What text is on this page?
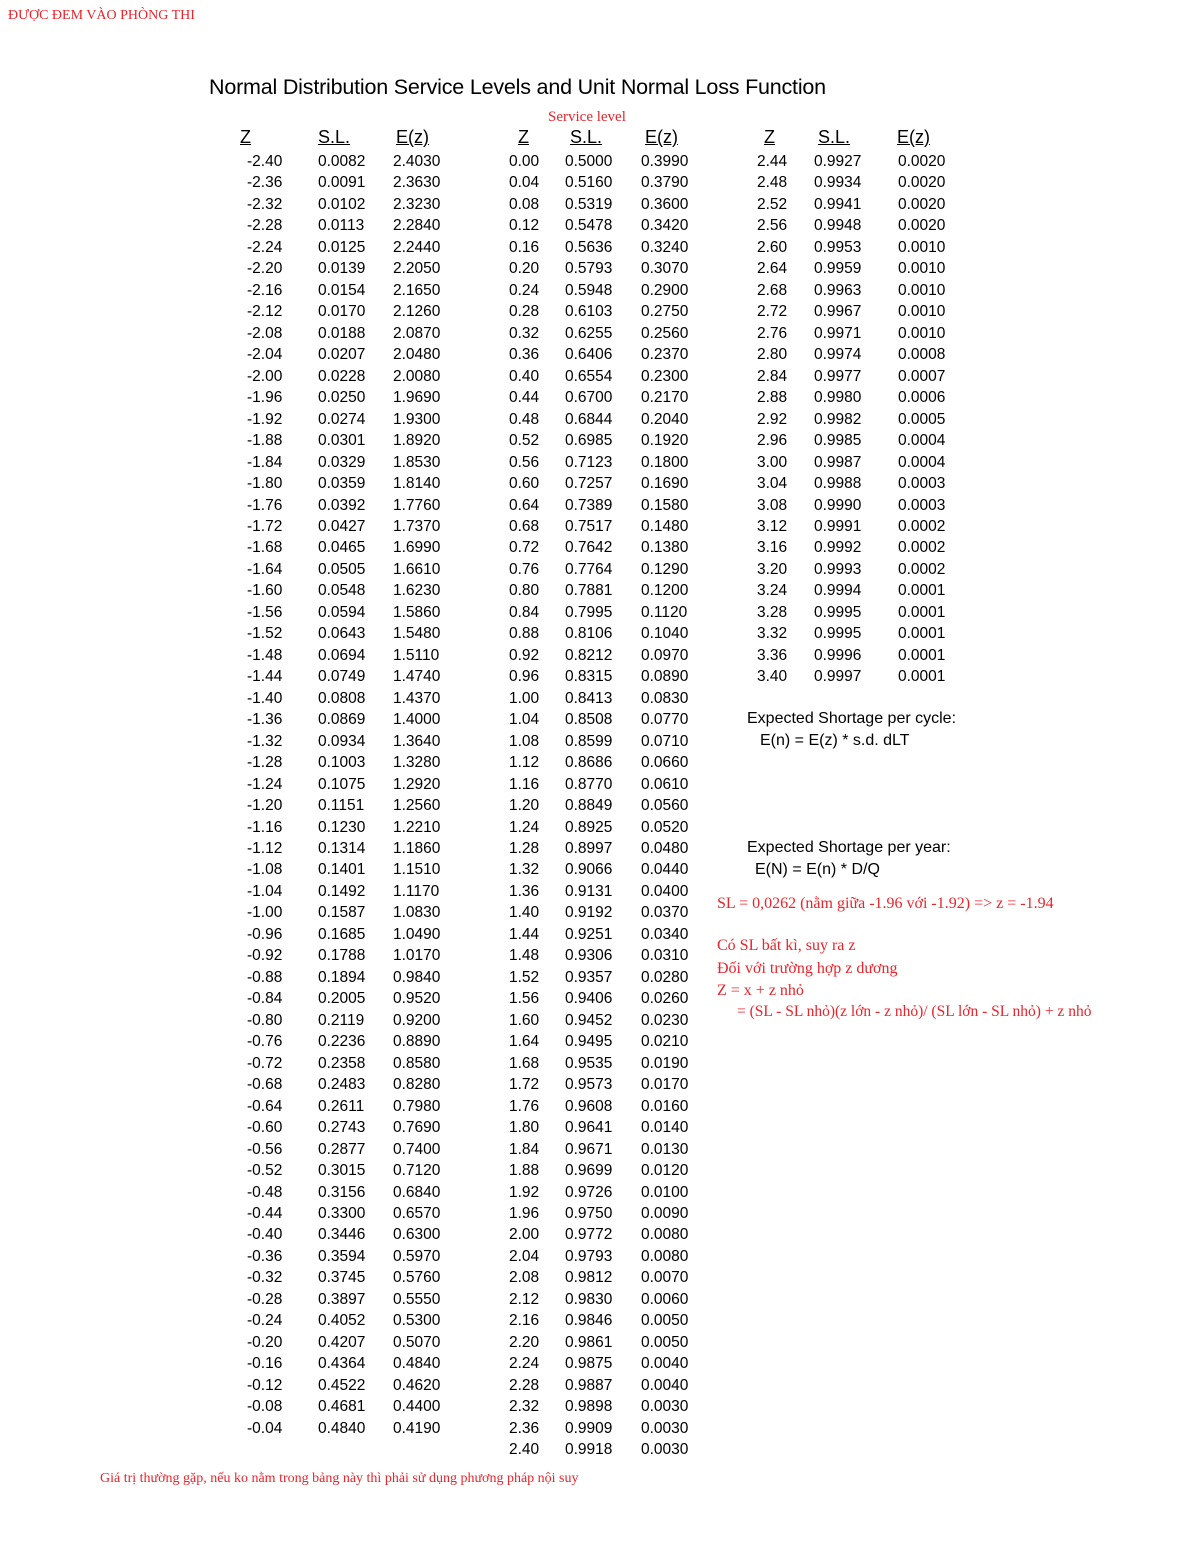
ĐƯỢC ĐEM VÀO PHÒNG THI
Normal Distribution Service Levels and Unit Normal Loss Function
Service level
Z	S.L.	E(z)	Z S.L. E(z)	Z S.L.	E(z)
-2.40 0.0082 2.4030
-2.36 0.0091 2.3630
-2.32 0.0102 2.3230
-2.28 0.0113 2.2840
-2.24 0.0125 2.2440
-2.20 0.0139 2.2050
-2.16 0.0154 2.1650
-2.12 0.0170 2.1260
-2.08 0.0188 2.0870
-2.04 0.0207 2.0480
-2.00 0.0228 2.0080
-1.96 0.0250 1.9690
-1.92 0.0274 1.9300
-1.88 0.0301 1.8920
-1.84 0.0329 1.8530
-1.80 0.0359 1.8140
-1.76 0.0392 1.7760
-1.72 0.0427 1.7370
-1.68 0.0465 1.6990
-1.64 0.0505 1.6610
-1.60 0.0548 1.6230
-1.56 0.0594 1.5860
-1.52 0.0643 1.5480
-1.48 0.0694 1.5110
-1.44 0.0749 1.4740
-1.40 0.0808 1.4370
-1.36 0.0869 1.4000
-1.32 0.0934 1.3640
-1.28 0.1003 1.3280
-1.24 0.1075 1.2920
-1.20 0.1151 1.2560
-1.16 0.1230 1.2210
-1.12 0.1314 1.1860
-1.08 0.1401 1.1510
-1.04 0.1492 1.1170
-1.00 0.1587 1.0830
-0.96 0.1685 1.0490
-0.92 0.1788 1.0170
-0.88 0.1894 0.9840
-0.84 0.2005 0.9520
-0.80 0.2119 0.9200
-0.76 0.2236 0.8890
-0.72 0.2358 0.8580
-0.68 0.2483 0.8280
-0.64 0.2611 0.7980
-0.60 0.2743 0.7690
-0.56 0.2877 0.7400
-0.52 0.3015 0.7120
-0.48 0.3156 0.6840
-0.44 0.3300 0.6570
-0.40 0.3446 0.6300
-0.36 0.3594 0.5970
-0.32 0.3745 0.5760
-0.28 0.3897 0.5550
-0.24 0.4052 0.5300
-0.20 0.4207 0.5070
-0.16 0.4364 0.4840
-0.12 0.4522 0.4620
-0.08 0.4681 0.4400
-0.04 0.4840 0.4190
0.00 0.5000 0.3990
0.04 0.5160 0.3790
0.08 0.5319 0.3600
0.12 0.5478 0.3420
0.16 0.5636 0.3240
0.20 0.5793 0.3070
0.24 0.5948 0.2900
0.28 0.6103 0.2750
0.32 0.6255 0.2560
0.36 0.6406 0.2370
0.40 0.6554 0.2300
0.44 0.6700 0.2170
0.48 0.6844 0.2040
0.52 0.6985 0.1920
0.56 0.7123 0.1800
0.60 0.7257 0.1690
0.64 0.7389 0.1580
0.68 0.7517 0.1480
0.72 0.7642 0.1380
0.76 0.7764 0.1290
0.80 0.7881 0.1200
0.84 0.7995 0.1120
0.88 0.8106 0.1040
0.92 0.8212 0.0970
0.96 0.8315 0.0890
1.00 0.8413 0.0830
1.04 0.8508 0.0770
1.08 0.8599 0.0710
1.12 0.8686 0.0660
1.16 0.8770 0.0610
1.20 0.8849 0.0560
1.24 0.8925 0.0520
1.28 0.8997 0.0480
1.32 0.9066 0.0440
1.36 0.9131 0.0400
1.40 0.9192 0.0370
1.44 0.9251 0.0340
1.48 0.9306 0.0310
1.52 0.9357 0.0280
1.56 0.9406 0.0260
1.60 0.9452 0.0230
1.64 0.9495 0.0210
1.68 0.9535 0.0190
1.72 0.9573 0.0170
1.76 0.9608 0.0160
1.80 0.9641 0.0140
1.84 0.9671 0.0130
1.88 0.9699 0.0120
1.92 0.9726 0.0100
1.96 0.9750 0.0090
2.00 0.9772 0.0080
2.04 0.9793 0.0080
2.08 0.9812 0.0070
2.12 0.9830 0.0060
2.16 0.9846 0.0050
2.20 0.9861 0.0050
2.24 0.9875 0.0040
2.28 0.9887 0.0040
2.32 0.9898 0.0030
2.36 0.9909 0.0030
2.40 0.9918 0.0030
2.44 0.9927 0.0020
2.48 0.9934 0.0020
2.52 0.9941 0.0020
2.56 0.9948 0.0020
2.60 0.9953 0.0010
2.64 0.9959 0.0010
2.68 0.9963 0.0010
2.72 0.9967 0.0010
2.76 0.9971 0.0010
2.80 0.9974 0.0008
2.84 0.9977 0.0007
2.88 0.9980 0.0006
2.92 0.9982 0.0005
2.96 0.9985 0.0004
3.00 0.9987 0.0004
3.04 0.9988 0.0003
3.08 0.9990 0.0003
3.12 0.9991 0.0002
3.16 0.9992 0.0002
3.20 0.9993 0.0002
3.24 0.9994 0.0001
3.28 0.9995 0.0001
3.32 0.9995 0.0001
3.36 0.9996 0.0001
3.40 0.9997 0.0001
Expected Shortage per cycle:
E(n) = E(z) * s.d. dLT
Expected Shortage per year:
E(N) = E(n) * D/Q
SL = 0,0262 (nằm giữa -1.96 với -1.92) => z = -1.94
Có SL bất kì, suy ra z
Đối với trường hợp z dương
Z = x + z nhỏ
= (SL - SL nhỏ)(z lớn - z nhỏ)/ (SL lớn - SL nhỏ) + z nhỏ
Giá trị thường gặp, nếu ko nằm trong bảng này thì phải sử dụng phương pháp nội suy
